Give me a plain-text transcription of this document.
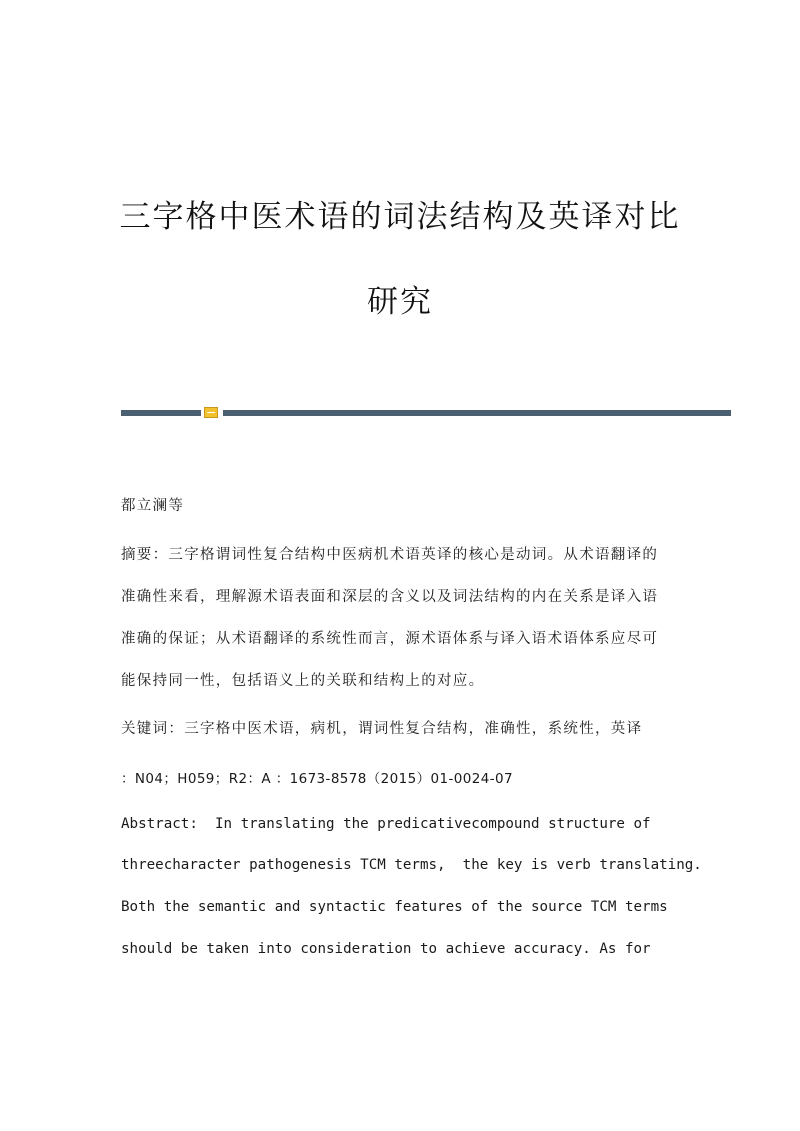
三字格中医术语的词法结构及英译对比
研究
都立澜等
摘要：三字格谓词性复合结构中医病机术语英译的核心是动词。从术语翻译的
准确性来看，理解源术语表面和深层的含义以及词法结构的内在关系是译入语
准确的保证；从术语翻译的系统性而言，源术语体系与译入语术语体系应尽可
能保持同一性，包括语义上的关联和结构上的对应。
关键词：三字格中医术语，病机，谓词性复合结构，准确性，系统性，英译
：N04；H059；R2：A ：1673-8578（2015）01-0024-07
Abstract:  In translating the predicativecompound structure of
threecharacter pathogenesis TCM terms,  the key is verb translating.
Both the semantic and syntactic features of the source TCM terms
should be taken into consideration to achieve accuracy. As for
